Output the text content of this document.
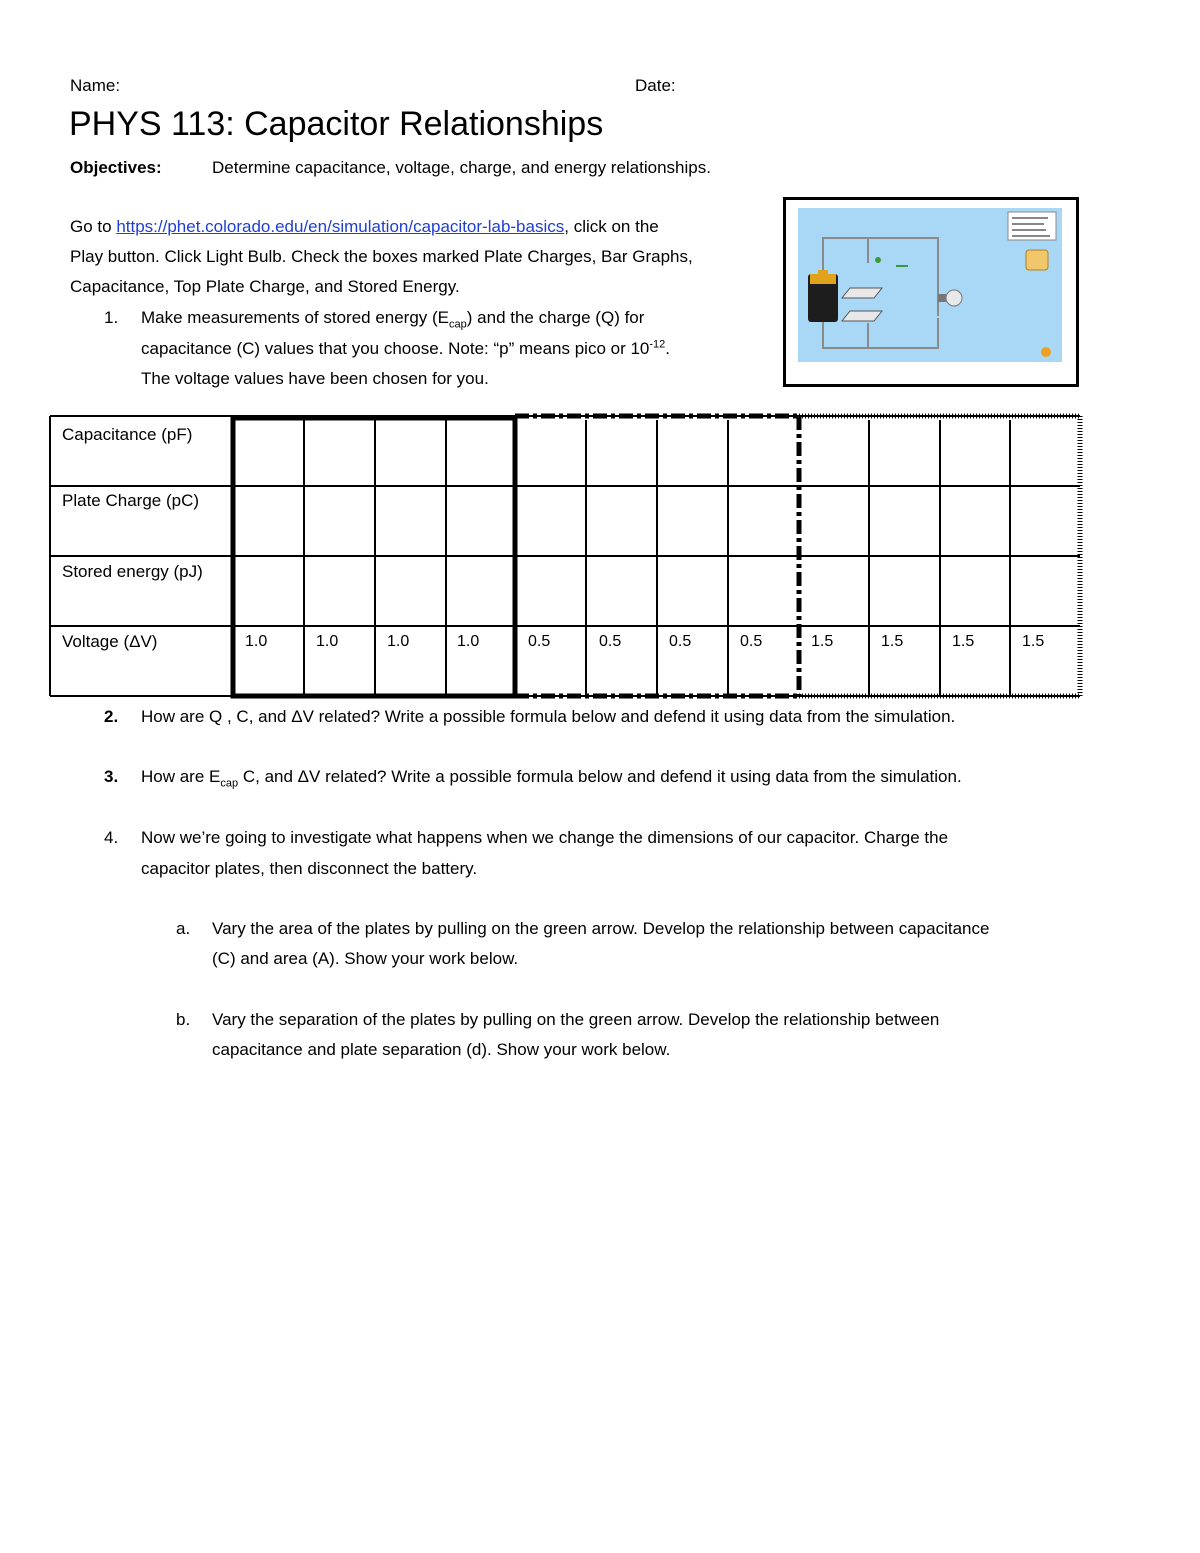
Name:	Date:
PHYS 113: Capacitor Relationships
Objectives:	Determine capacitance, voltage, charge, and energy relationships.
Go to https://phet.colorado.edu/en/simulation/capacitor-lab-basics, click on the
Play button. Click Light Bulb. Check the boxes marked Plate Charges, Bar Graphs,
Capacitance, Top Plate Charge, and Stored Energy.
1. Make measurements of stored energy $(E_{cap})$ and the charge (Q) for
capacitance (C) values that you choose. Note: “p” means pico or $10^{-12}$.
The voltage values have been chosen for you.
Capacitance (pF)
Plate Charge (pC)
Stored energy (pJ)
Voltage (ΔV)	1.0	1.0	1.0	1.0	0.5	0.5	0.5	0.5	1.5	1.5	1.5	1.5
2. How are Q , C, and ΔV related? Write a possible formula below and defend it using data from the simulation.
3. How are $E_{cap}$ C, and ΔV related? Write a possible formula below and defend it using data from the simulation.
4. Now we’re going to investigate what happens when we change the dimensions of our capacitor. Charge the
capacitor plates, then disconnect the battery.
a. Vary the area of the plates by pulling on the green arrow. Develop the relationship between capacitance
(C) and area (A). Show your work below.
b. Vary the separation of the plates by pulling on the green arrow. Develop the relationship between
capacitance and plate separation (d). Show your work below.
